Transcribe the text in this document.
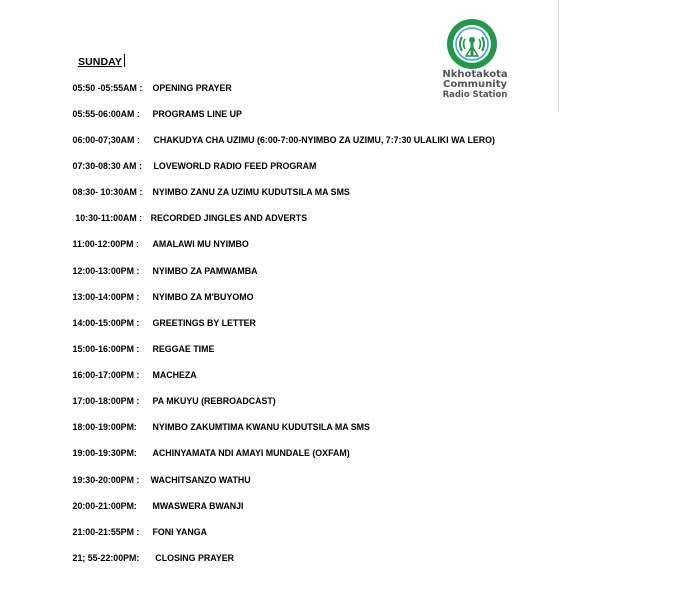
Nkhotakota
Community
Radio Station
SUNDAY
05:50 -05:55AM : OPENING PRAYER
05:55-06:00AM : PROGRAMS LINE UP
06:00-07;30AM : CHAKUDYA CHA UZIMU (6:00-7:00-NYIMBO ZA UZIMU, 7:7:30 ULALIKI WA LERO)
07:30-08:30 AM : LOVEWORLD RADIO FEED PROGRAM
08:30- 10:30AM : NYIMBO ZANU ZA UZIMU KUDUTSILA MA SMS
10:30-11:00AM : RECORDED JINGLES AND ADVERTS
11:00-12:00PM : AMALAWI MU NYIMBO
12:00-13:00PM : NYIMBO ZA PAMWAMBA
13:00-14:00PM : NYIMBO ZA M'BUYOMO
14:00-15:00PM : GREETINGS BY LETTER
15:00-16:00PM : REGGAE TIME
16:00-17:00PM : MACHEZA
17:00-18:00PM : PA MKUYU (REBROADCAST)
18:00-19:00PM: NYIMBO ZAKUMTIMA KWANU KUDUTSILA MA SMS
19:00-19:30PM: ACHINYAMATA NDI AMAYI MUNDALE (OXFAM)
19:30-20:00PM : WACHITSANZO WATHU
20:00-21:00PM: MWASWERA BWANJI
21:00-21:55PM : FONI YANGA
21; 55-22:00PM: CLOSING PRAYER
